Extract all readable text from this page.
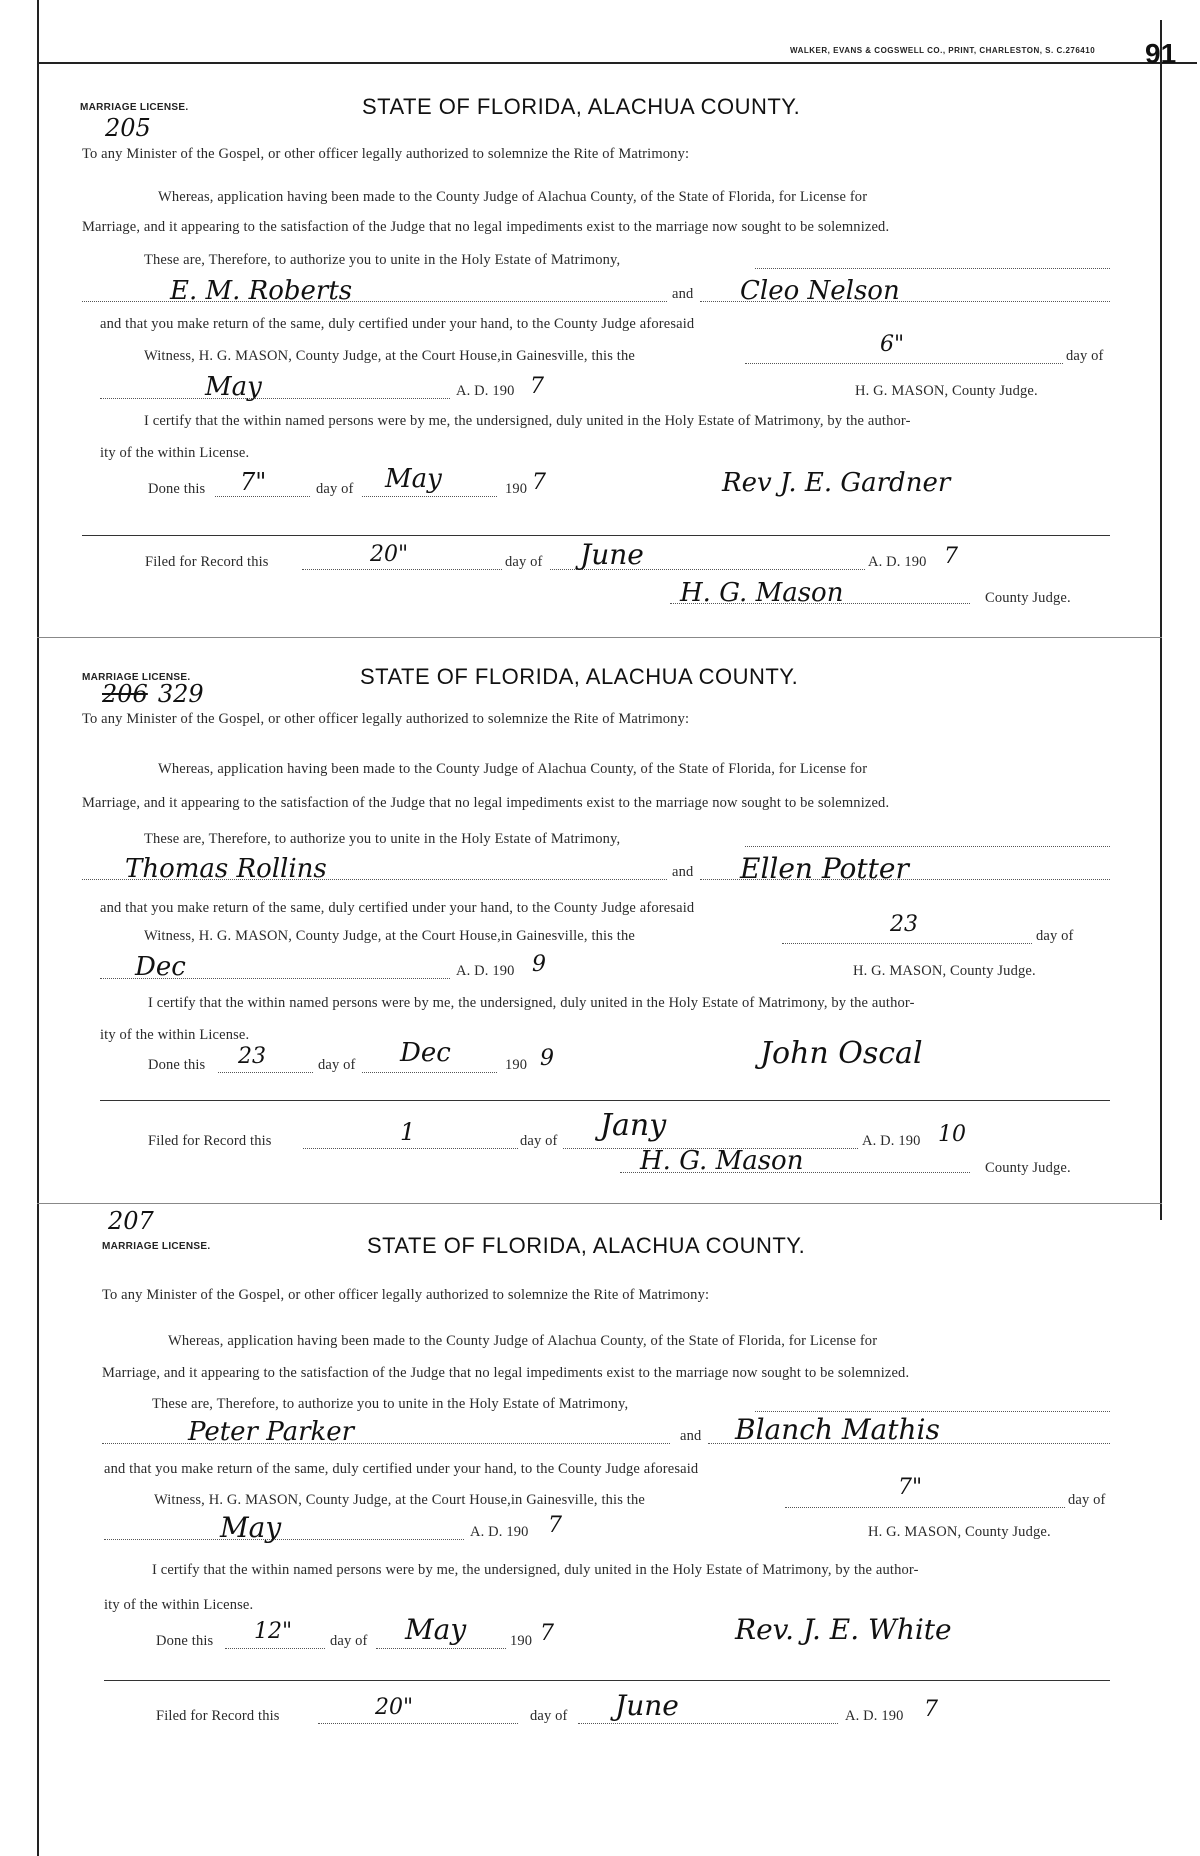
WALKER, EVANS & COGSWELL CO., PRINT, CHARLESTON, S. C.276410 91
MARRIAGE LICENSE.
205
STATE OF FLORIDA, ALACHUA COUNTY.
To any Minister of the Gospel, or other officer legally authorized to solemnize the Rite of Matrimony:
Whereas, application having been made to the County Judge of Alachua County, of the State of Florida, for License for
Marriage, and it appearing to the satisfaction of the Judge that no legal impediments exist to the marriage now sought to be solemnized.
These are, Therefore, to authorize you to unite in the Holy Estate of Matrimony,
E. M. Roberts	and Cleo Nelson
and that you make return of the same, duly certified under your hand, to the County Judge aforesaid
Witness, H. G. MASON, County Judge, at the Court House,in Gainesville, this the	6"	day of
May	A. D. 190 7	H. G. MASON, County Judge.
I certify that the within named persons were by me, the undersigned, duly united in the Holy Estate of Matrimony, by the author-
ity of the within License.
Done this 7"	day of May	190 7	Rev J. E. Gardner
Filed for Record this	20"	day of June	A. D. 190 7
H. G. Mason	County Judge.
MARRIAGE LICENSE.
206 329
STATE OF FLORIDA, ALACHUA COUNTY.
To any Minister of the Gospel, or other officer legally authorized to solemnize the Rite of Matrimony:
Whereas, application having been made to the County Judge of Alachua County, of the State of Florida, for License for
Marriage, and it appearing to the satisfaction of the Judge that no legal impediments exist to the marriage now sought to be solemnized.
These are, Therefore, to authorize you to unite in the Holy Estate of Matrimony,
Thomas Rollins	and Ellen Potter
and that you make return of the same, duly certified under your hand, to the County Judge aforesaid
Witness, H. G. MASON, County Judge, at the Court House,in Gainesville, this the	23	day of
Dec	A. D. 190 9	H. G. MASON, County Judge.
I certify that the within named persons were by me, the undersigned, duly united in the Holy Estate of Matrimony, by the author-
ity of the within License.
Done this 23	day of Dec	190 9	John Oscal
Filed for Record this	1	day of Jany	A. D. 190 10
H. G. Mason	County Judge.
207
MARRIAGE LICENSE.	STATE OF FLORIDA, ALACHUA COUNTY.
To any Minister of the Gospel, or other officer legally authorized to solemnize the Rite of Matrimony:
Whereas, application having been made to the County Judge of Alachua County, of the State of Florida, for License for
Marriage, and it appearing to the satisfaction of the Judge that no legal impediments exist to the marriage now sought to be solemnized.
These are, Therefore, to authorize you to unite in the Holy Estate of Matrimony,
Peter Parker	and Blanch Mathis
and that you make return of the same, duly certified under your hand, to the County Judge aforesaid
Witness, H. G. MASON, County Judge, at the Court House,in Gainesville, this the	7"	day of
May	A. D. 190 7	H. G. MASON, County Judge.
I certify that the within named persons were by me, the undersigned, duly united in the Holy Estate of Matrimony, by the author-
ity of the within License.
Done this 12"	day of May	190 7	Rev. J. E. White
Filed for Record this	20"	day of June	A. D. 190 7
